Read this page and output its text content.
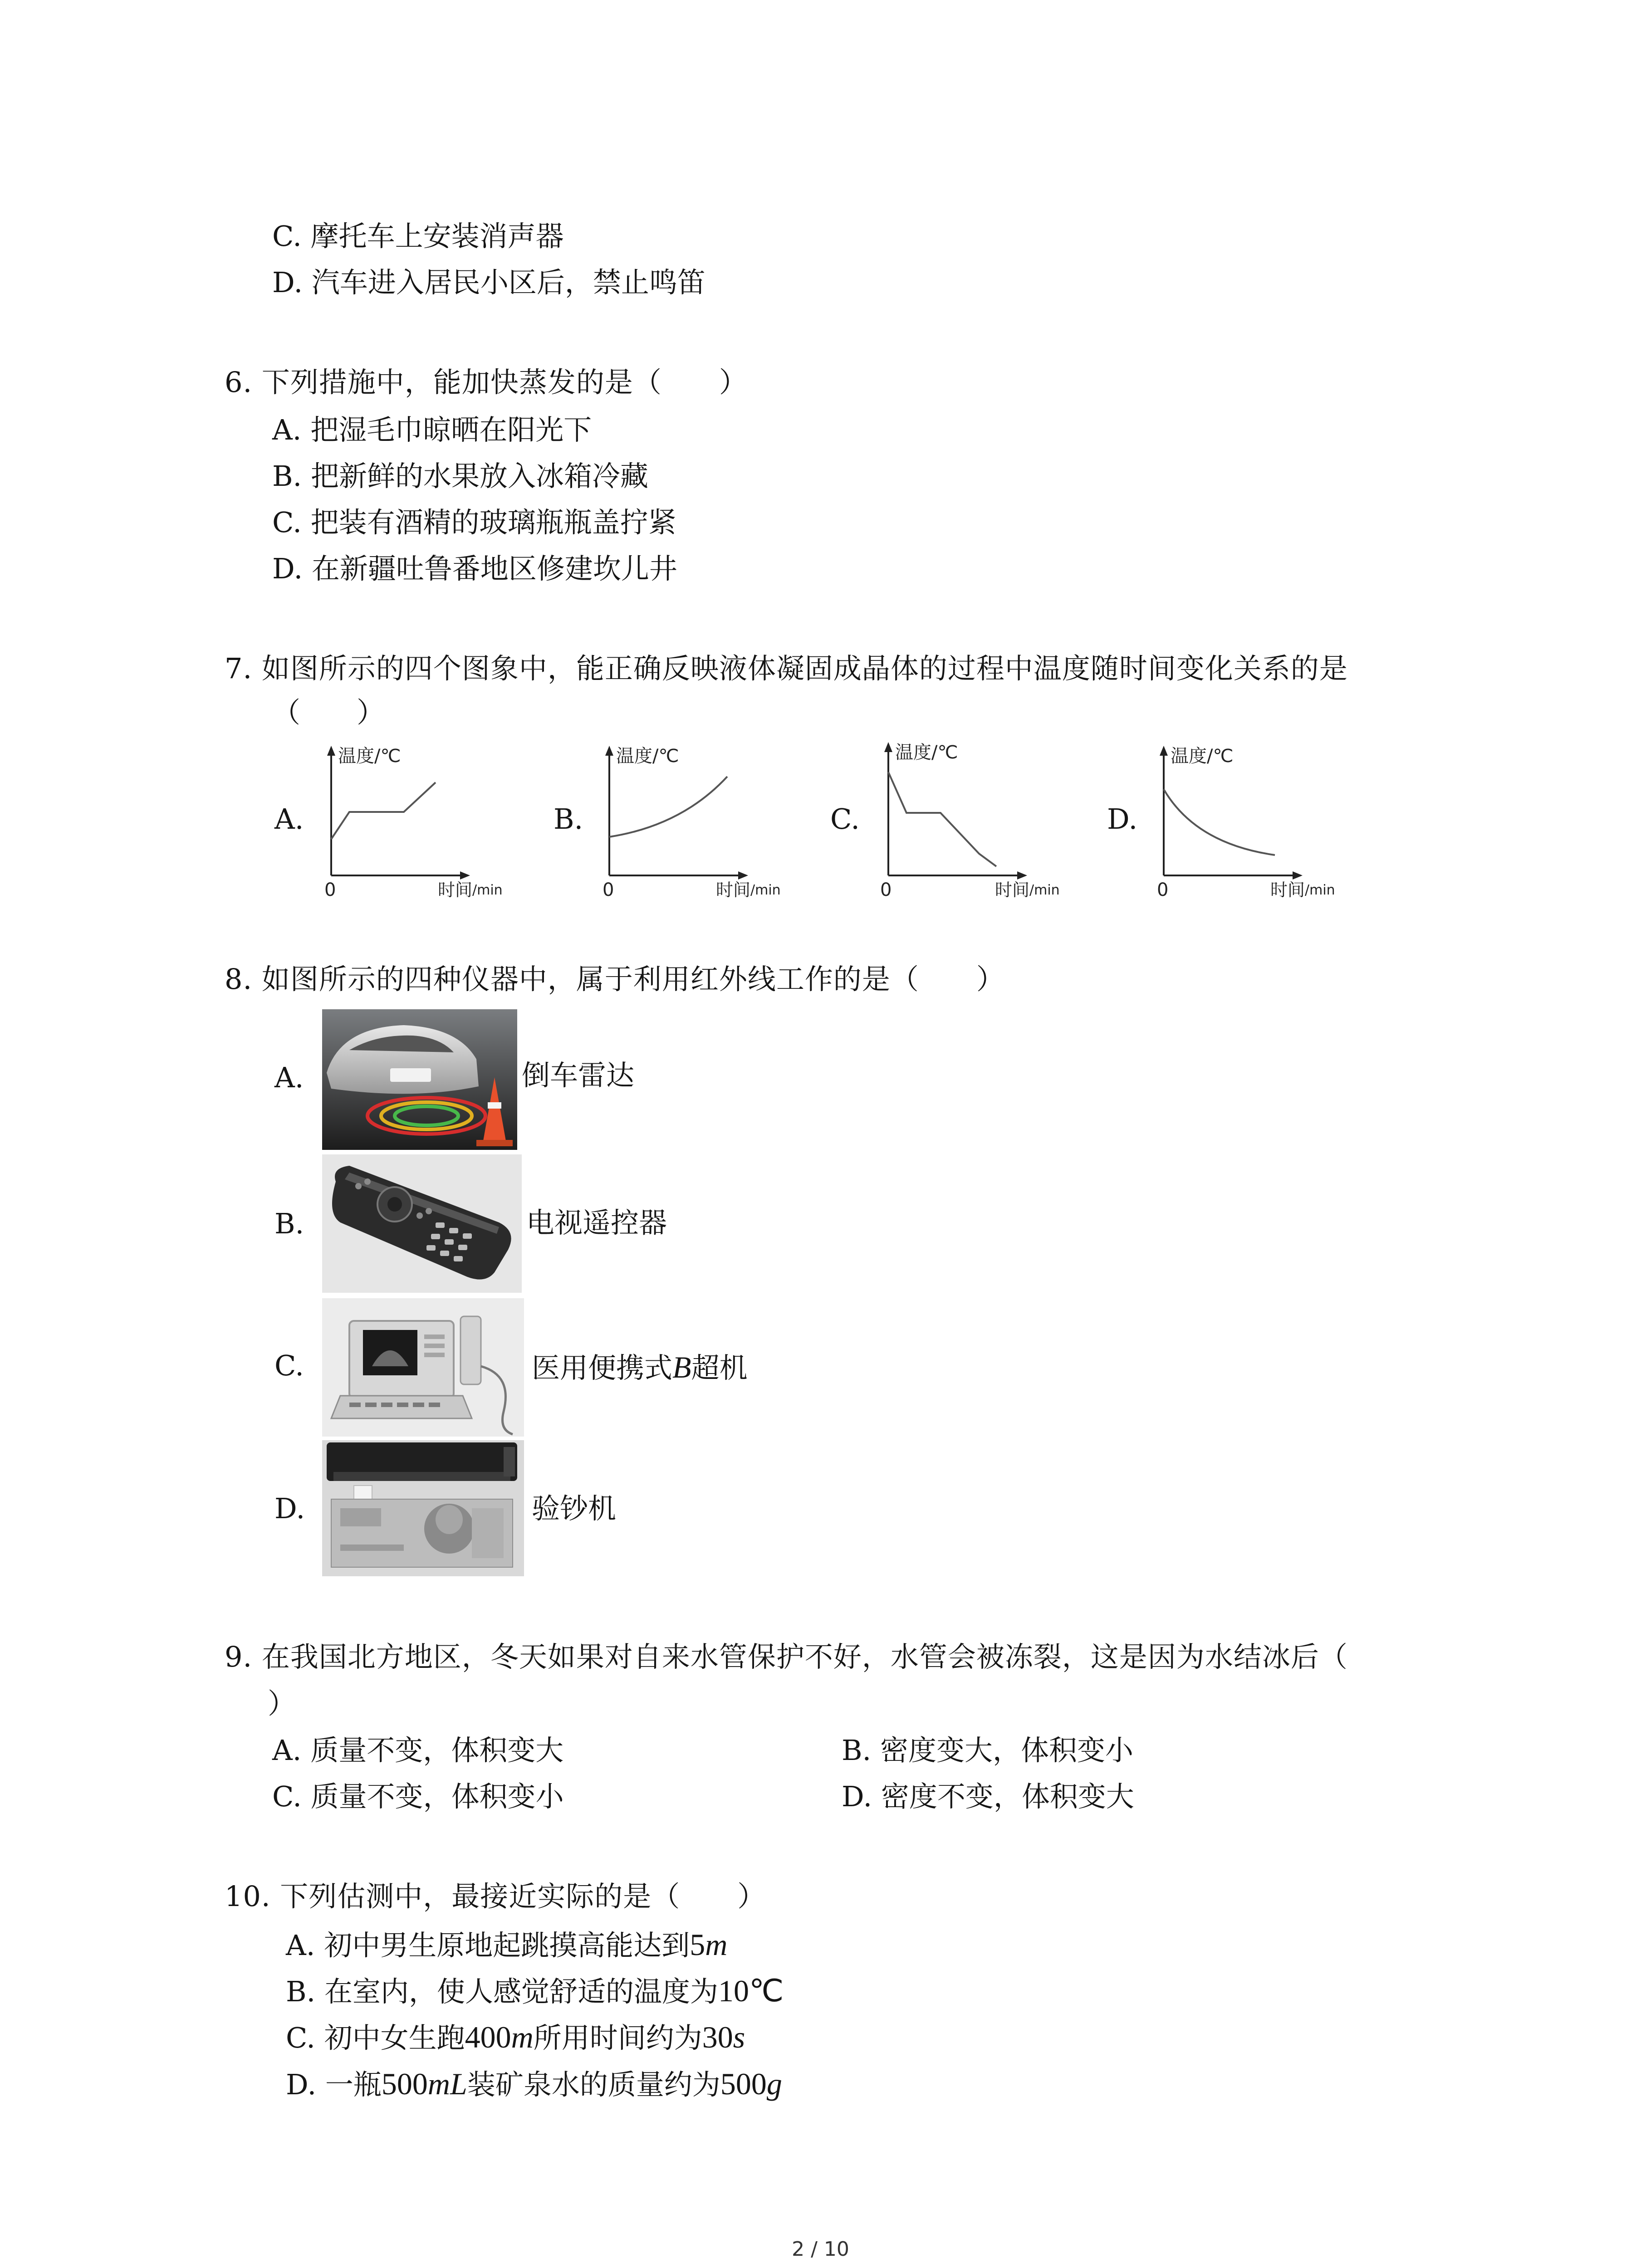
C. 摩托车上安装消声器
D. 汽车进入居民小区后，禁止鸣笛
6. 下列措施中，能加快蒸发的是（　　）
A. 把湿毛巾晾晒在阳光下
B. 把新鲜的水果放入冰箱冷藏
C. 把装有酒精的玻璃瓶瓶盖拧紧
D. 在新疆吐鲁番地区修建坎儿井
7. 如图所示的四个图象中，能正确反映液体凝固成晶体的过程中温度随时间变化关系的是
（　　）
A.
温度/℃
0	时间 /min
B.
温度/℃
0	时间 /min
C.
温度/℃
0	时间 /min
D.
温度/℃
0	时间 /min
8. 如图所示的四种仪器中，属于利用红外线工作的是（　　）
A.	倒车雷达
B.	电视遥控器
C.	医用便携式B超机
D.	验钞机
9. 在我国北方地区，冬天如果对自来水管保护不好，水管会被冻裂，这是因为水结冰后（
）
A. 质量不变，体积变大	B. 密度变大，体积变小
C. 质量不变，体积变小	D. 密度不变，体积变大
10. 下列估测中，最接近实际的是（　　）
A. 初中男生原地起跳摸高能达到5m
B. 在室内，使人感觉舒适的温度为10℃
C. 初中女生跑400m所用时间约为30s
D. 一瓶500mL装矿泉水的质量约为500g
2 / 10
